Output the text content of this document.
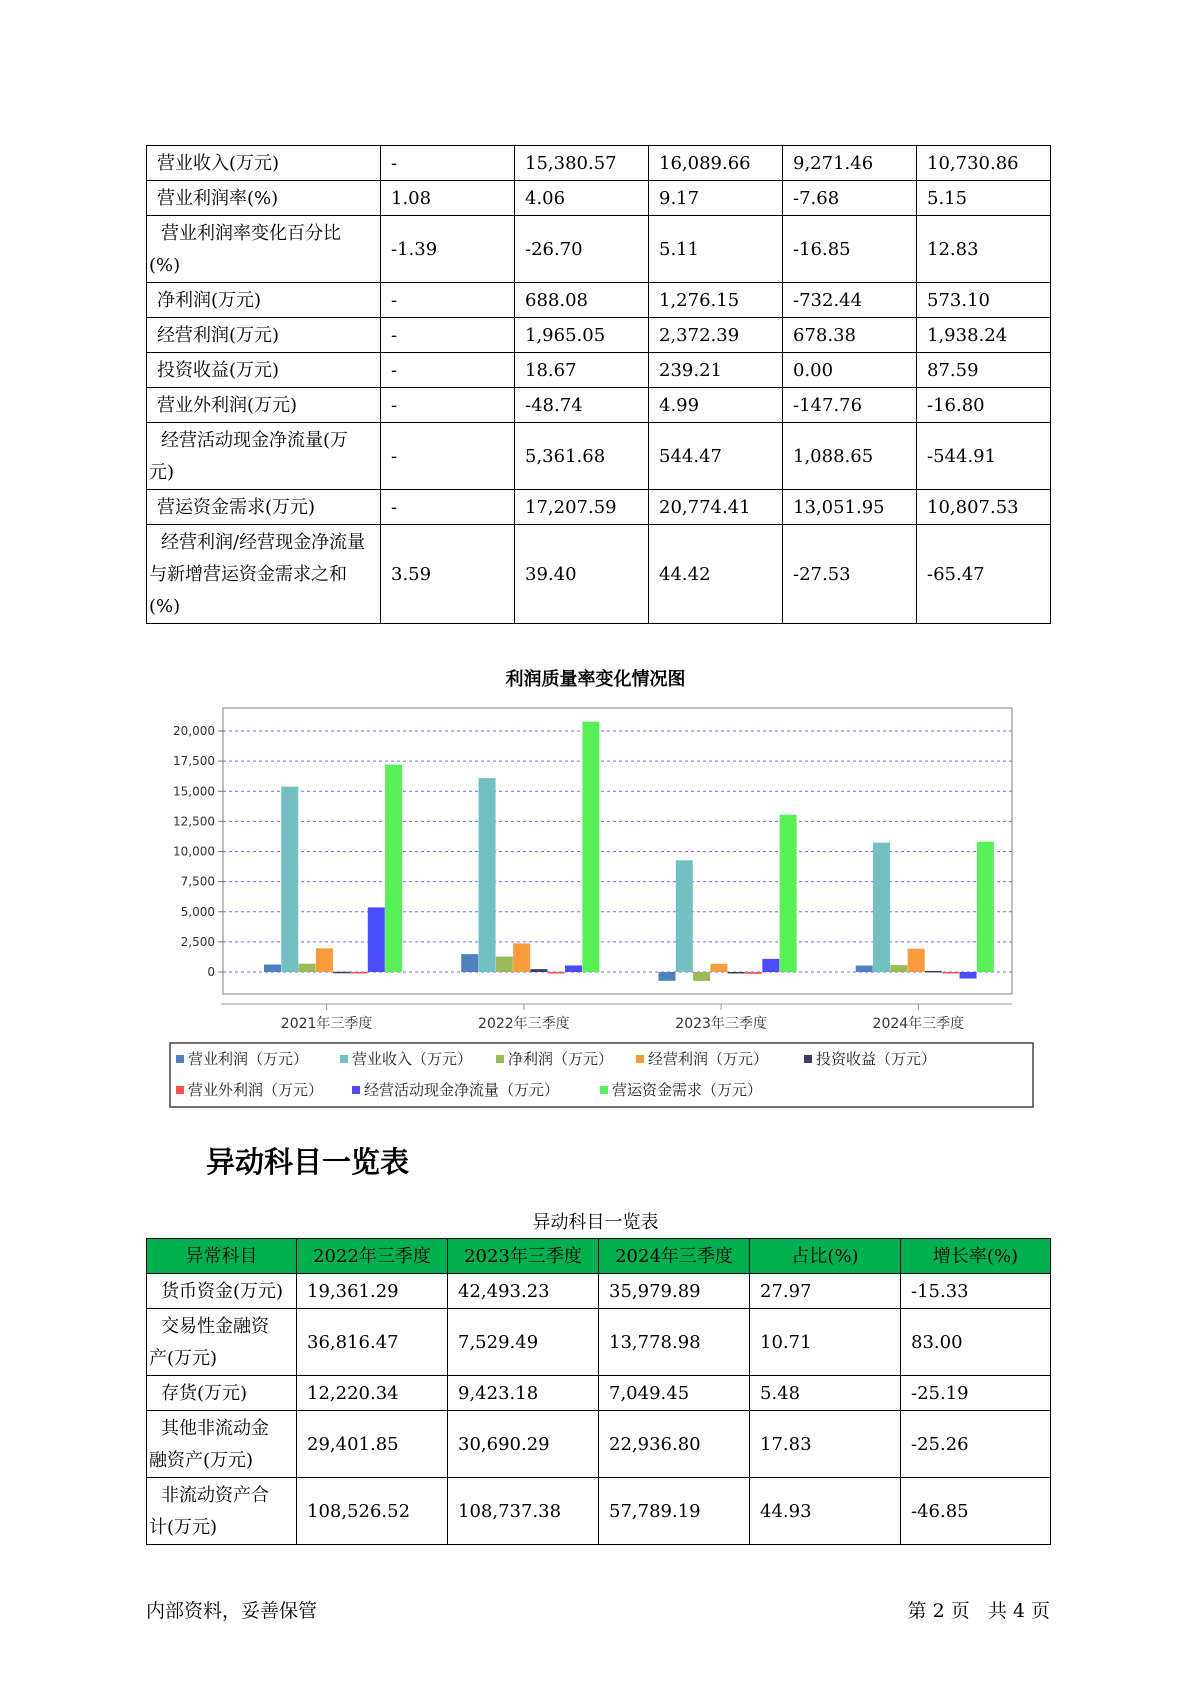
营业收入(万元)	-	15,380.57	16,089.66	9,271.46	10,730.86
营业利润率(%)	1.08	4.06	9.17	-7.68	5.15
营业利润率变化百分比(%)	-1.39	-26.70	5.11	-16.85	12.83
净利润(万元)	-	688.08	1,276.15	-732.44	573.10
经营利润(万元)	-	1,965.05	2,372.39	678.38	1,938.24
投资收益(万元)	-	18.67	239.21	0.00	87.59
营业外利润(万元)	-	-48.74	4.99	-147.76	-16.80
经营活动现金净流量(万元)	-	5,361.68	544.47	1,088.65	-544.91
营运资金需求(万元)	-	17,207.59	20,774.41	13,051.95	10,807.53
经营利润/经营现金净流量与新增营运资金需求之和(%)	3.59	39.40	44.42	-27.53	-65.47
利润质量率变化情况图
0
2,500
5,000
7,500
10,000
12,500
15,000
17,500
20,000
2021年三季度	2022年三季度	2023年三季度	2024年三季度
营业利润（万元）	营业收入（万元） 净利润（万元） 经营利润（万元）	投资收益（万元）
营业外利润（万元）	经营活动现金净流量（万元）	营运资金需求（万元）
异动科目一览表
异动科目一览表
异常科目	2022年三季度	2023年三季度	2024年三季度	占比(%)	增长率(%)
货币资金(万元)	19,361.29	42,493.23	35,979.89	27.97	-15.33
交易性金融资产(万元)	36,816.47	7,529.49	13,778.98	10.71	83.00
存货(万元)	12,220.34	9,423.18	7,049.45	5.48	-25.19
其他非流动金融资产(万元)	29,401.85	30,690.29	22,936.80	17.83	-25.26
非流动资产合计(万元)	108,526.52	108,737.38	57,789.19	44.93	-46.85
内部资料，妥善保管	第 2 页   共 4 页
